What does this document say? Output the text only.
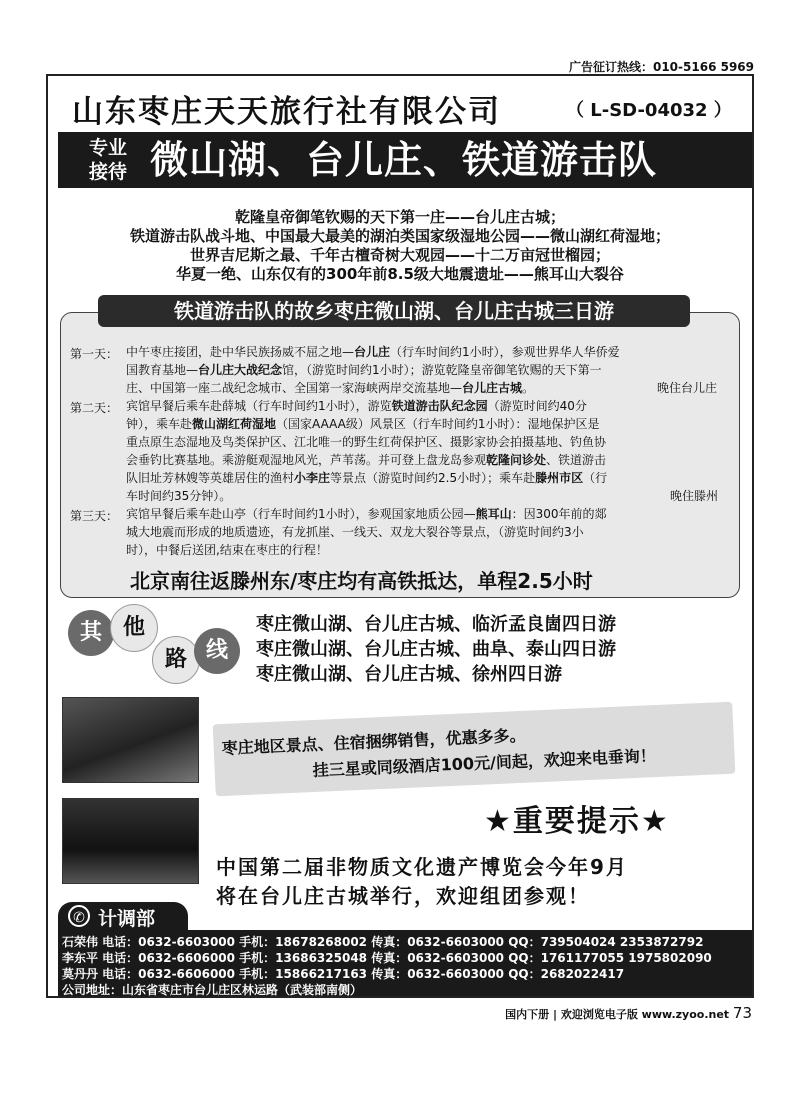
广告征订热线：010-5166 5969
山东枣庄天天旅行社有限公司	（ L-SD-04032 ）
专业
接待 微山湖、台儿庄、铁道游击队
乾隆皇帝御笔钦赐的天下第一庄——台儿庄古城；
铁道游击队战斗地、中国最大最美的湖泊类国家级湿地公园——微山湖红荷湿地；
世界吉尼斯之最、千年古檀奇树大观园——十二万亩冠世榴园；
华夏一绝、山东仅有的300年前8.5级大地震遗址——熊耳山大裂谷
铁道游击队的故乡枣庄微山湖、台儿庄古城三日游
第一天： 中午枣庄接团，赴中华民族扬威不屈之地—台儿庄（行车时间约1小时），参观世界华人华侨爱
国教育基地—台儿庄大战纪念馆，（游览时间约1小时）；游览乾隆皇帝御笔钦赐的天下第一
庄、中国第一座二战纪念城市、全国第一家海峡两岸交流基地—台儿庄古城。	晚住台儿庄
第二天： 宾馆早餐后乘车赴薛城（行车时间约1小时），游览铁道游击队纪念园（游览时间约40分
钟），乘车赴微山湖红荷湿地（国家AAAA级）风景区（行车时间约1小时）：湿地保护区是
重点原生态湿地及鸟类保护区、江北唯一的野生红荷保护区、摄影家协会拍摄基地、钓鱼协
会垂钓比赛基地。乘游艇观湿地风光，芦苇荡。并可登上盘龙岛参观乾隆问诊处、铁道游击
队旧址芳林嫂等英雄居住的渔村小李庄等景点（游览时间约2.5小时）；乘车赴滕州市区（行
车时间约35分钟）。	晚住滕州
第三天： 宾馆早餐后乘车赴山亭（行车时间约1小时），参观国家地质公园—熊耳山：因300年前的郯
城大地震而形成的地质遗迹，有龙抓崖、一线天、双龙大裂谷等景点，（游览时间约3小
时），中餐后送团,结束在枣庄的行程！
北京南往返滕州东/枣庄均有高铁抵达，单程2.5小时
其 他
路 线
枣庄微山湖、台儿庄古城、临沂孟良崮四日游
枣庄微山湖、台儿庄古城、曲阜、泰山四日游
枣庄微山湖、台儿庄古城、徐州四日游
枣庄地区景点、住宿捆绑销售，优惠多多。
挂三星或同级酒店100元/间起，欢迎来电垂询！
★重要提示★
中国第二届非物质文化遗产博览会今年9月
将在台儿庄古城举行，欢迎组团参观！
✆ 计调部
石荣伟 电话：0632-6603000 手机：18678268002 传真：0632-6603000 QQ：739504024 2353872792
李东平 电话：0632-6606000 手机：13686325048 传真：0632-6603000 QQ：1761177055 1975802090
莫丹丹 电话：0632-6606000 手机：15866217163 传真：0632-6603000 QQ：2682022417
公司地址：山东省枣庄市台儿庄区林运路（武装部南侧）
国内下册 | 欢迎浏览电子版 www.zyoo.net 73
